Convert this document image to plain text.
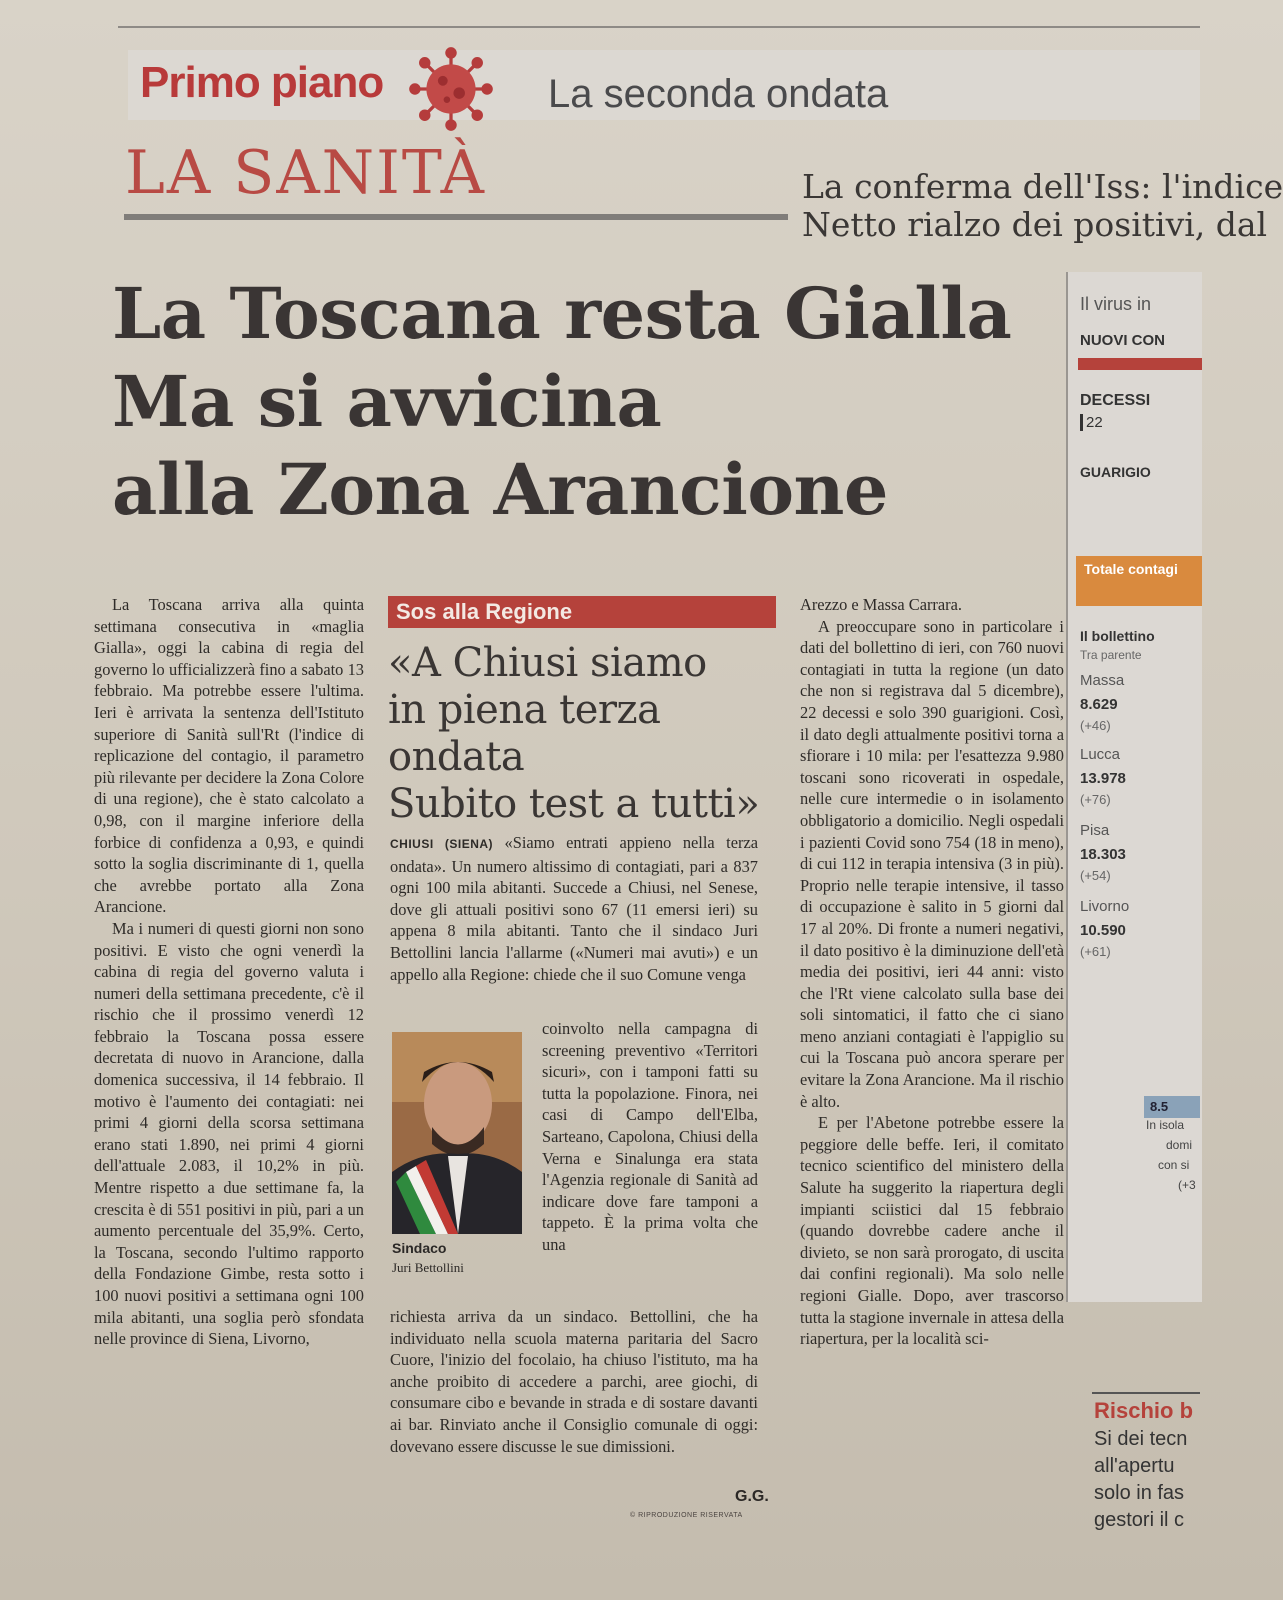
Primo piano	La seconda ondata
LA SANITÀ	La conferma dell'Iss: l'indice
Netto rialzo dei positivi, dal
La Toscana resta Gialla
Ma si avvicina
alla Zona Arancione

La Toscana arriva alla quinta settimana consecutiva in «maglia Gialla», oggi la cabina di regia del governo lo ufficializzerà fino a sabato 13 febbraio. Ma potrebbe essere l'ultima. Ieri è arrivata la sentenza dell'Istituto superiore di Sanità sull'Rt (l'indice di replicazione del contagio, il parametro più rilevante per decidere la Zona Colore di una regione), che è stato calcolato a 0,98, con il margine inferiore della forbice di confidenza a 0,93, e quindi sotto la soglia discriminante di 1, quella che avrebbe portato alla Zona Arancione.

Ma i numeri di questi giorni non sono positivi. E visto che ogni venerdì la cabina di regia del governo valuta i numeri della settimana precedente, c'è il rischio che il prossimo venerdì 12 febbraio la Toscana possa essere decretata di nuovo in Arancione, dalla domenica successiva, il 14 febbraio. Il motivo è l'aumento dei contagiati: nei primi 4 giorni della scorsa settimana erano stati 1.890, nei primi 4 giorni dell'attuale 2.083, il 10,2% in più. Mentre rispetto a due settimane fa, la crescita è di 551 positivi in più, pari a un aumento percentuale del 35,9%. Certo, la Toscana, secondo l'ultimo rapporto della Fondazione Gimbe, resta sotto i 100 nuovi positivi a settimana ogni 100 mila abitanti, una soglia però sfondata nelle province di Siena, Livorno,

Sos alla Regione
«A Chiusi siamo
in piena terza ondata
Subito test a tutti»
CHIUSI (SIENA) «Siamo entrati appieno nella terza ondata». Un numero altissimo di contagiati, pari a 837 ogni 100 mila abitanti. Succede a Chiusi, nel Senese, dove gli attuali positivi sono 67 (11 emersi ieri) su appena 8 mila abitanti. Tanto che il sindaco Juri Bettollini lancia l'allarme («Numeri mai avuti») e un appello alla Regione: chiede che il suo Comune venga
coinvolto nella campagna di screening preventivo «Territori sicuri», con i tamponi fatti su tutta la popolazione. Finora, nei casi di Campo dell'Elba, Sarteano, Capolona, Chiusi della Verna e Sinalunga era stata l'Agenzia regionale di Sanità ad indicare dove fare tamponi a tappeto. È la prima volta che una
richiesta arriva da un sindaco. Bettollini, che ha individuato nella scuola materna paritaria del Sacro Cuore, l'inizio del focolaio, ha chiuso l'istituto, ma ha anche proibito di accedere a parchi, aree giochi, di consumare cibo e bevande in strada e di sostare davanti ai bar. Rinviato anche il Consiglio comunale di oggi: dovevano essere discusse le sue dimissioni.
Sindaco
Juri Bettollini
G.G.
© RIPRODUZIONE RISERVATA

Arezzo e Massa Carrara.

A preoccupare sono in particolare i dati del bollettino di ieri, con 760 nuovi contagiati in tutta la regione (un dato che non si registrava dal 5 dicembre), 22 decessi e solo 390 guarigioni. Così, il dato degli attualmente positivi torna a sfiorare i 10 mila: per l'esattezza 9.980 toscani sono ricoverati in ospedale, nelle cure intermedie o in isolamento obbligatorio a domicilio. Negli ospedali i pazienti Covid sono 754 (18 in meno), di cui 112 in terapia intensiva (3 in più). Proprio nelle terapie intensive, il tasso di occupazione è salito in 5 giorni dal 17 al 20%. Di fronte a numeri negativi, il dato positivo è la diminuzione dell'età media dei positivi, ieri 44 anni: visto che l'Rt viene calcolato sulla base dei soli sintomatici, il fatto che ci siano meno anziani contagiati è l'appiglio su cui la Toscana può ancora sperare per evitare la Zona Arancione. Ma il rischio è alto.

E per l'Abetone potrebbe essere la peggiore delle beffe. Ieri, il comitato tecnico scientifico del ministero della Salute ha suggerito la riapertura degli impianti sciistici dal 15 febbraio (quando dovrebbe cadere anche il divieto, se non sarà prorogato, di uscita dai confini regionali). Ma solo nelle regioni Gialle. Dopo, aver trascorso tutta la stagione invernale in attesa della riapertura, per la località sci-

Il virus in
NUOVI CON
DECESSI
22
GUARIGIO
Totale contagi
Il bollettino
Tra parente
Massa
8.629
(+46)
Lucca
13.978
(+76)
Pisa
18.303
(+54)
Livorno
10.590
(+61)
In isola
domi
con si
(+3
8.5
Rischio b
Si dei tecn
all'apertu
solo in fas
gestori il c
